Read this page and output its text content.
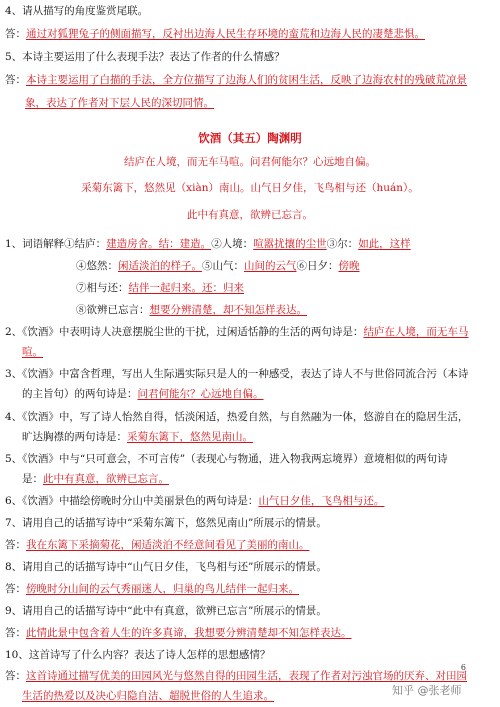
4、请从描写的角度鉴赏尾联。
答：通过对狐狸兔子的侧面描写，反衬出边海人民生存环境的蛮荒和边海人民的凄楚悲惧。
5、本诗主要运用了什么表现手法？表达了作者的什么情感？
答：本诗主要运用了白描的手法，全方位描写了边海人们的贫困生活，反映了边海农村的残破荒凉景
象，表达了作者对下层人民的深切同情。
饮酒（其五）陶渊明
结庐在人境，而无车马喧。问君何能尔？心远地自偏。
采菊东篱下，悠然见（xiàn）南山。山气日夕佳，飞鸟相与还（huán）。
此中有真意，欲辨已忘言。
1、词语解释①结庐：建造房舍。结：建造。②人境：喧嚣扰攘的尘世③尔：如此，这样
④悠然：闲适淡泊的样子。⑤山气：山间的云气⑥日夕：傍晚
⑦相与还：结伴一起归来。还：归来
⑧欲辨已忘言：想要分辨清楚，却不知怎样表达。
2、《饮酒》中表明诗人决意摆脱尘世的干扰，过闲适恬静的生活的两句诗是：结庐在人境，而无车马
喧。
3、《饮酒》中富含哲理，写出人生际遇实际只是人的一种感受，表达了诗人不与世俗同流合污（本诗
的主旨句）的两句诗是：问君何能尔？心远地自偏。
4、《饮酒》中，写了诗人怡然自得，恬淡闲适，热爱自然，与自然融为一体，悠游自在的隐居生活，
旷达胸襟的两句诗是：采菊东篱下，悠然见南山。
5、《饮酒》中与“只可意会，不可言传”（表现心与物通，进入物我两忘境界）意境相似的两句诗
是：此中有真意，欲辨已忘言。
6、《饮酒》中描绘傍晚时分山中美丽景色的两句诗是：山气日夕佳，飞鸟相与还。
7、请用自己的话描写诗中“采菊东篱下，悠然见南山”所展示的情景。
答：我在东篱下采摘菊花，闲适淡泊不经意间看见了美丽的南山。
8、请用自己的话描写诗中“山气日夕佳，飞鸟相与还”所展示的情景。
答：傍晚时分山间的云气秀丽迷人，归巢的鸟儿结伴一起归来。
9、请用自己的话描写诗中“此中有真意，欲辨已忘言”所展示的情景。
答：此情此景中包含着人生的许多真谛，我想要分辨清楚却不知怎样表达。
10、这首诗写了什么内容？表达了诗人怎样的思想感情？
答：这首诗通过描写优美的田园风光与悠然自得的田园生活，表现了作者对污浊官场的厌弃、对田园
生活的热爱以及决心归隐自洁、超脱世俗的人生追求。
6
知乎 @张老师
